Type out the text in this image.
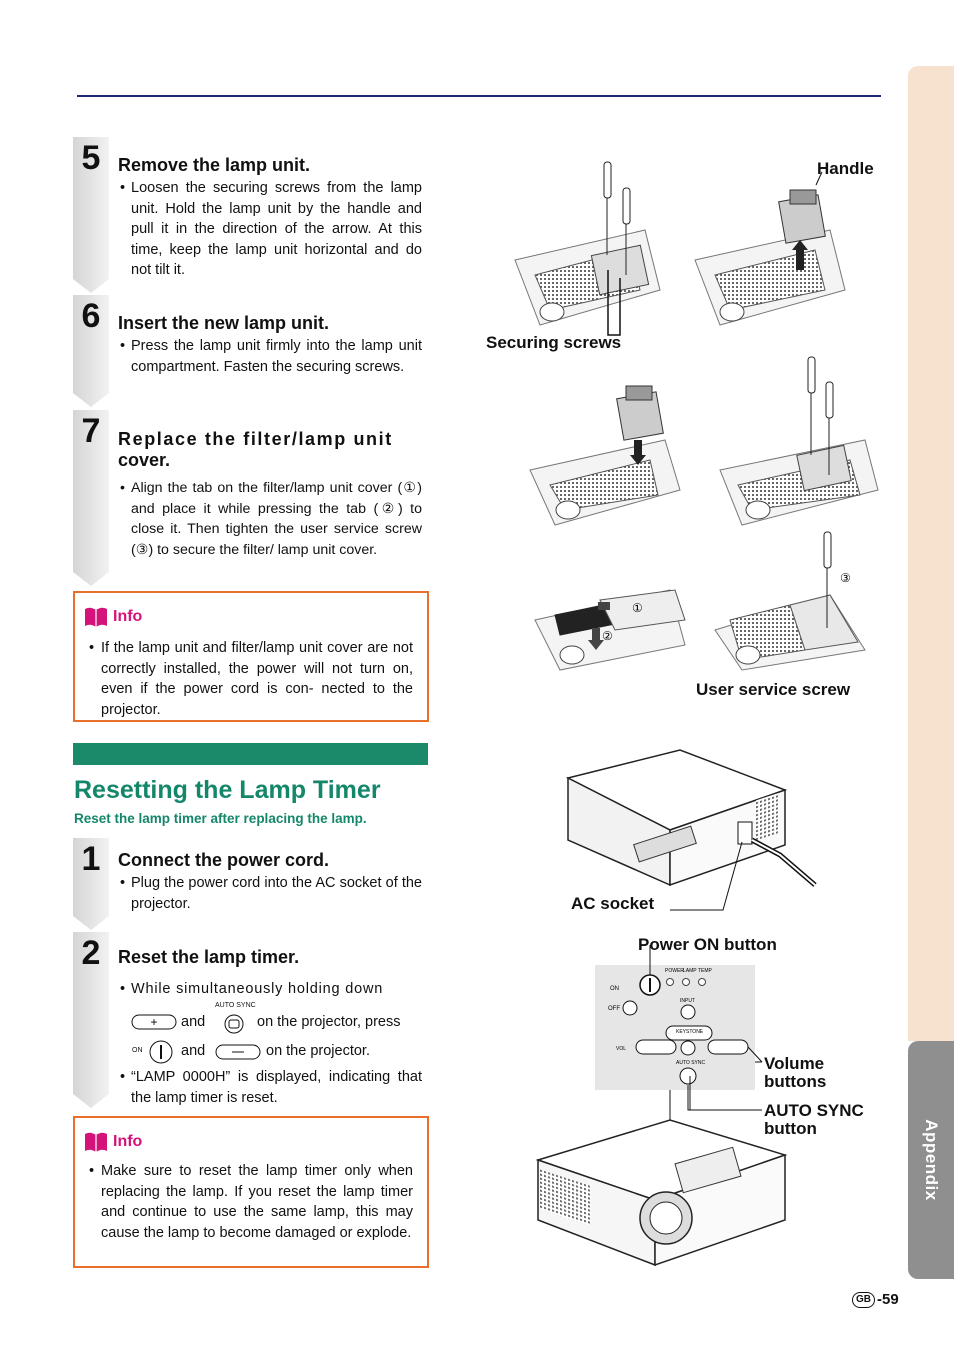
Appendix
5 Remove the lamp unit.
• Loosen the securing screws from the lamp unit. Hold the lamp unit by the handle and pull it in the direction of the arrow. At this time, keep the lamp unit horizontal and do not tilt it.
6 Insert the new lamp unit.
• Press the lamp unit firmly into the lamp unit compartment. Fasten the securing screws.
7 Replace the filter/lamp unit
cover.
• Align the tab on the filter/lamp unit cover (①) and place it while pressing the tab (②) to close it. Then tighten the user service screw (③) to secure the filter/ lamp unit cover.
Info
• If the lamp unit and filter/lamp unit cover are not correctly installed, the power will not turn on, even if the power cord is con- nected to the projector.
Resetting the Lamp Timer
Reset the lamp timer after replacing the lamp.
1 Connect the power cord.
• Plug the power cord into the AC socket of the projector.
2 Reset the lamp timer.
• While simultaneously holding down
+ and
AUTO SYNC
on the projector, press
ON	and	on the projector.
• “LAMP 0000H” is displayed, indicating that the lamp timer is reset.
Info
• Make sure to reset the lamp timer only when replacing the lamp. If you reset the lamp timer and continue to use the same lamp, this may cause the lamp to become damaged or explode.
①
②
③
ON
OFF
POWER LAMP TEMP
INPUT
KEYSTONE
VOL
AUTO SYNC
Handle
Securing screws
User service screw
AC socket
Power ON button
Volume
buttons
AUTO SYNC
button
GB -59
